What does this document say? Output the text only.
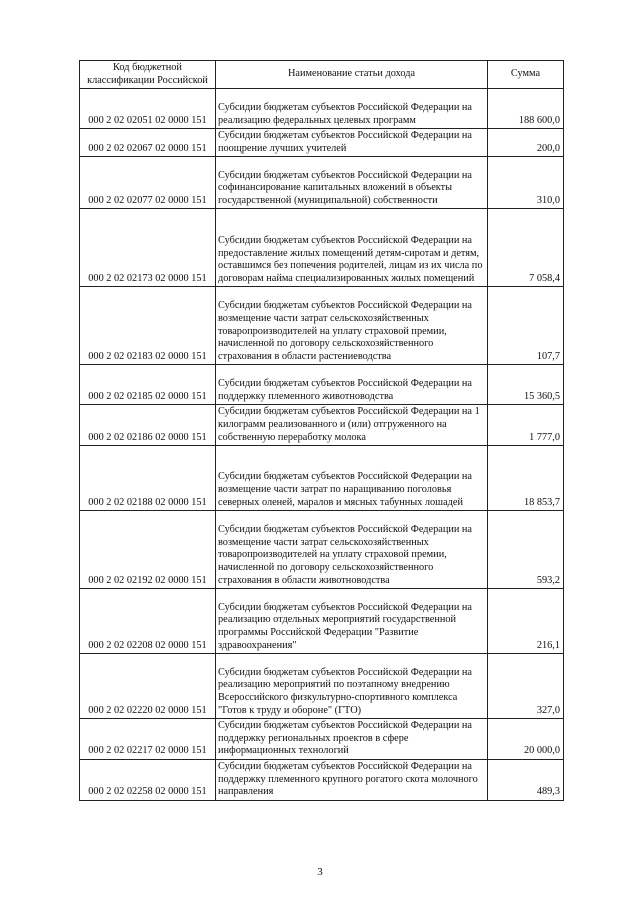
Код бюджетной классификации Российской	Наименование статьи дохода	Сумма
000 2 02 02051 02 0000 151	Субсидии бюджетам субъектов Российской Федерации на реализацию федеральных целевых программ	188 600,0
000 2 02 02067 02 0000 151	Субсидии бюджетам субъектов Российской Федерации на поощрение лучших учителей	200,0
000 2 02 02077 02 0000 151	Субсидии бюджетам субъектов Российской Федерации на софинансирование капитальных вложений в объекты государственной (муниципальной) собственности	310,0
000 2 02 02173 02 0000 151	Субсидии бюджетам субъектов Российской Федерации на предоставление жилых помещений детям-сиротам и детям, оставшимся без попечения родителей, лицам из их числа по договорам найма специализированных жилых помещений	7 058,4
000 2 02 02183 02 0000 151	Субсидии бюджетам субъектов Российской Федерации на возмещение части затрат сельскохозяйственных товаропроизводителей на уплату страховой премии, начисленной по договору сельскохозяйственного страхования в области растениеводства	107,7
000 2 02 02185 02 0000 151	Субсидии бюджетам субъектов Российской Федерации на поддержку племенного животноводства	15 360,5
000 2 02 02186 02 0000 151	Субсидии бюджетам субъектов Российской Федерации на 1 килограмм реализованного и (или) отгруженного на собственную переработку молока	1 777,0
000 2 02 02188 02 0000 151	Субсидии бюджетам субъектов Российской Федерации на возмещение части затрат по наращиванию поголовья северных оленей, маралов и мясных табунных лошадей	18 853,7
000 2 02 02192 02 0000 151	Субсидии бюджетам субъектов Российской Федерации на возмещение части затрат сельскохозяйственных товаропроизводителей на уплату страховой премии, начисленной по договору сельскохозяйственного страхования в области животноводства	593,2
000 2 02 02208 02 0000 151	Субсидии бюджетам субъектов Российской Федерации на реализацию отдельных мероприятий государственной программы Российской Федерации "Развитие здравоохранения"	216,1
000 2 02 02220 02 0000 151	Субсидии бюджетам субъектов Российской Федерации на реализацию мероприятий по поэтапному внедрению Всероссийского физкультурно-спортивного комплекса "Готов к труду и обороне" (ГТО)	327,0
000 2 02 02217 02 0000 151	Субсидии бюджетам субъектов Российской Федерации на поддержку региональных проектов в сфере информационных технологий	20 000,0
000 2 02 02258 02 0000 151	Субсидии бюджетам субъектов Российской Федерации на поддержку племенного крупного рогатого скота молочного направления	489,3
3
